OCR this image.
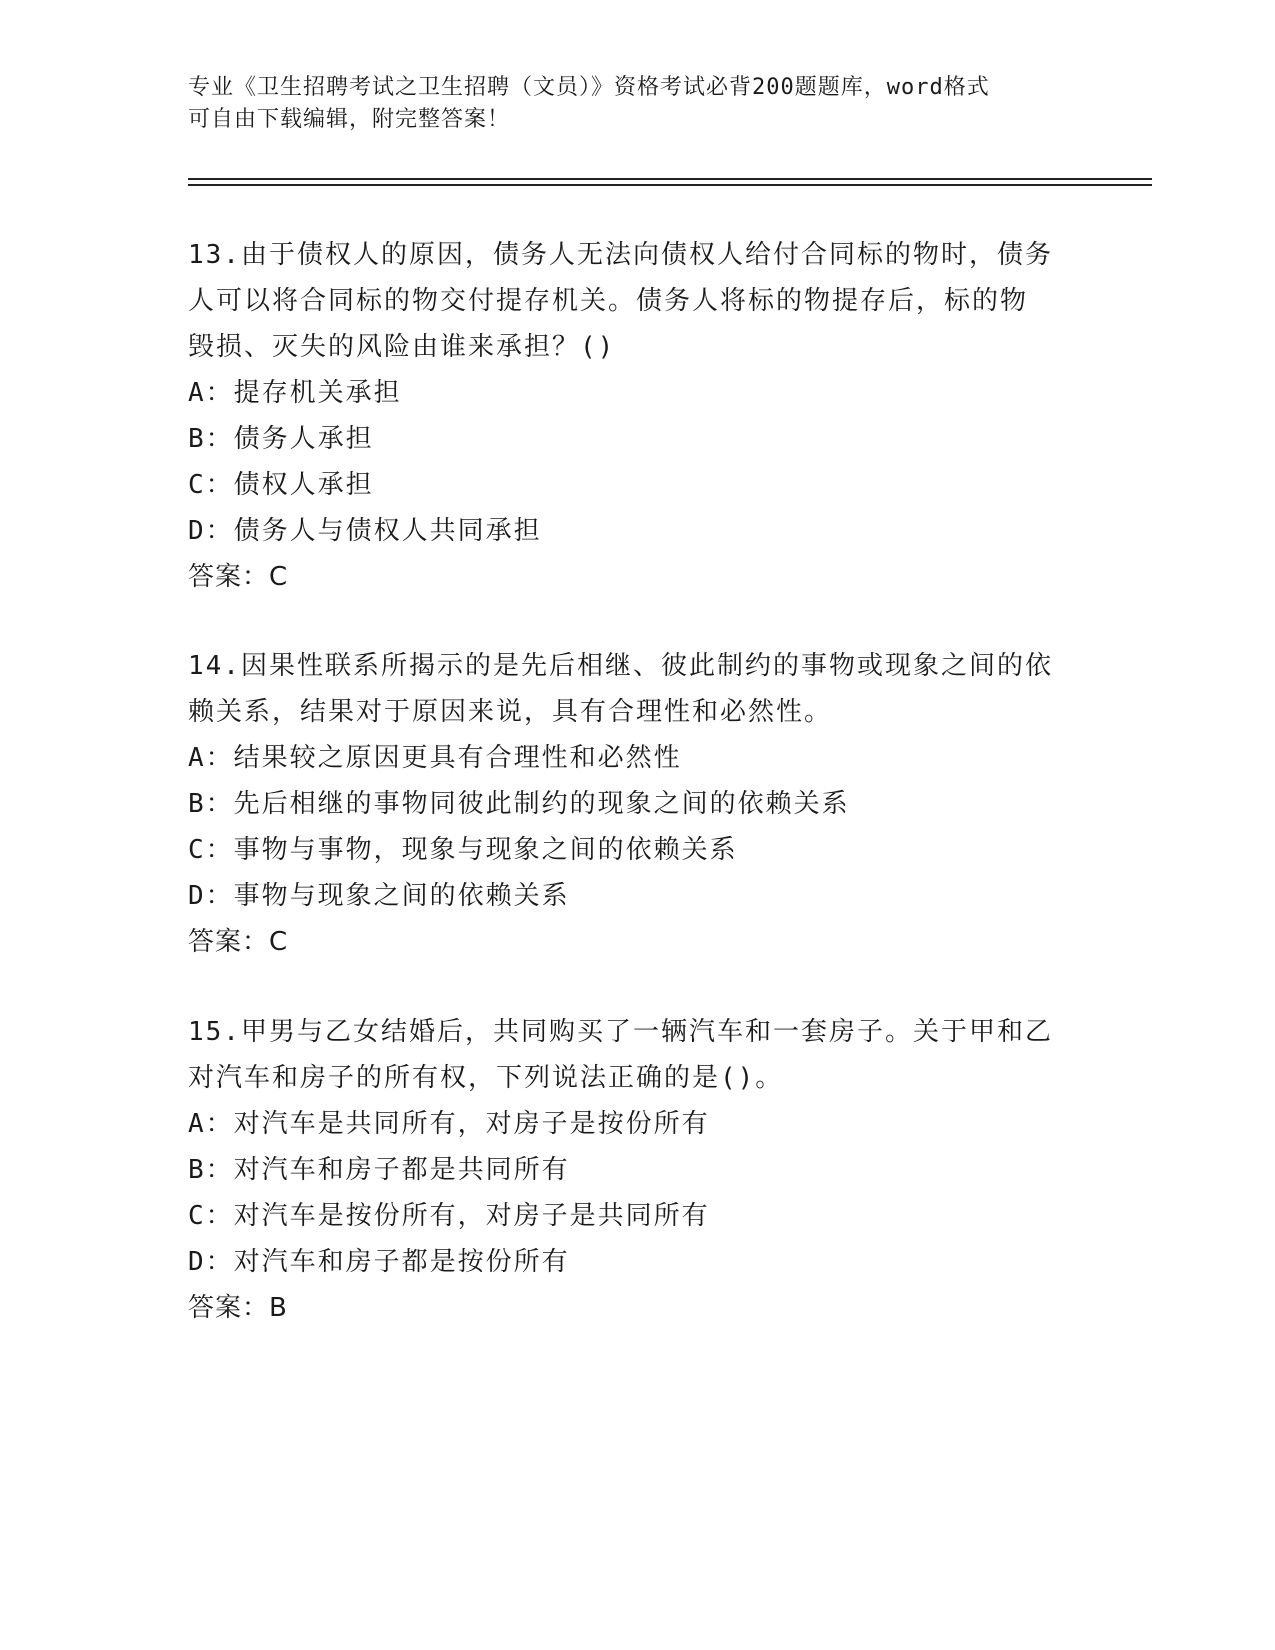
专业《卫生招聘考试之卫生招聘（文员）》资格考试必背200题题库，word格式
可自由下载编辑，附完整答案！
13.由于债权人的原因，债务人无法向债权人给付合同标的物时，债务
人可以将合同标的物交付提存机关。债务人将标的物提存后，标的物
毁损、灭失的风险由谁来承担？()
A：提存机关承担
B：债务人承担
C：债权人承担
D：债务人与债权人共同承担
答案：C
14.因果性联系所揭示的是先后相继、彼此制约的事物或现象之间的依
赖关系，结果对于原因来说，具有合理性和必然性。
A：结果较之原因更具有合理性和必然性
B：先后相继的事物同彼此制约的现象之间的依赖关系
C：事物与事物，现象与现象之间的依赖关系
D：事物与现象之间的依赖关系
答案：C
15.甲男与乙女结婚后，共同购买了一辆汽车和一套房子。关于甲和乙
对汽车和房子的所有权，下列说法正确的是()。
A：对汽车是共同所有，对房子是按份所有
B：对汽车和房子都是共同所有
C：对汽车是按份所有，对房子是共同所有
D：对汽车和房子都是按份所有
答案：B
